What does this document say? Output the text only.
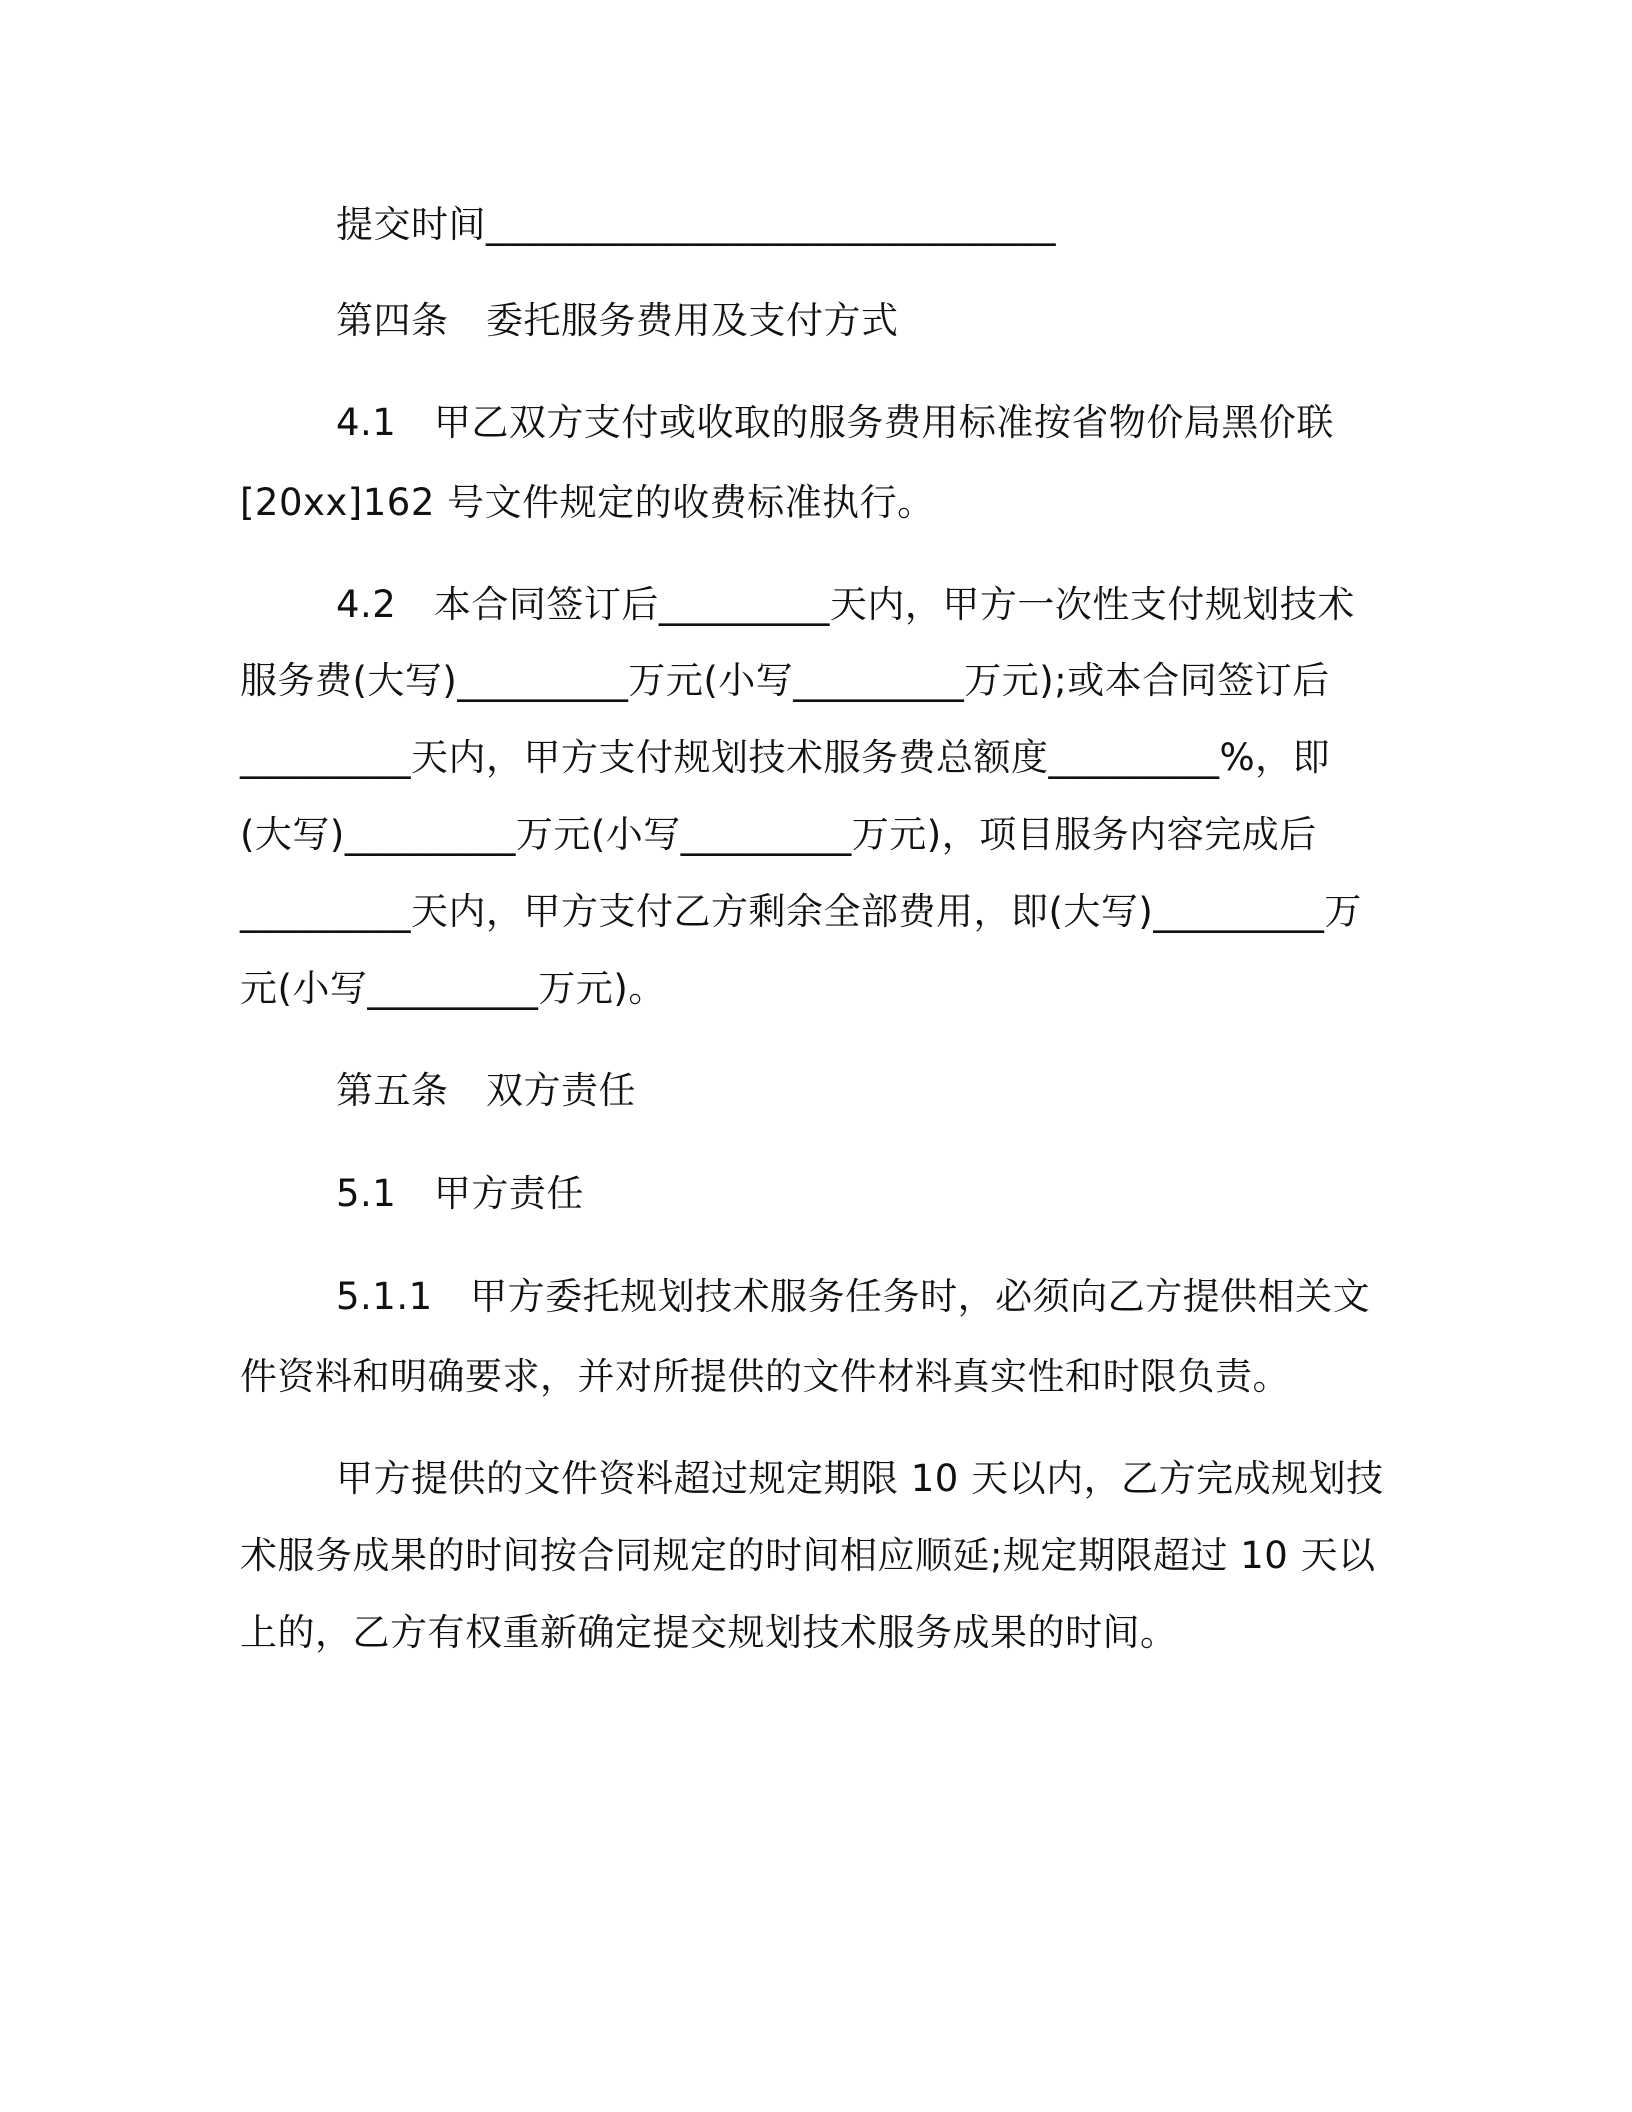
提交时间______________________________

第四条　委托服务费用及支付方式

4.1　甲乙双方支付或收取的服务费用标准按省物价局黑价联

[20xx]162 号文件规定的收费标准执行。

4.2　本合同签订后_________天内，甲方一次性支付规划技术

服务费(大写)_________万元(小写_________万元);或本合同签订后

_________天内，甲方支付规划技术服务费总额度_________%，即

(大写)_________万元(小写_________万元)，项目服务内容完成后

_________天内，甲方支付乙方剩余全部费用，即(大写)_________万

元(小写_________万元)。

第五条　双方责任

5.1　甲方责任

5.1.1　甲方委托规划技术服务任务时，必须向乙方提供相关文

件资料和明确要求，并对所提供的文件材料真实性和时限负责。

甲方提供的文件资料超过规定期限 10 天以内，乙方完成规划技

术服务成果的时间按合同规定的时间相应顺延;规定期限超过 10 天以

上的，乙方有权重新确定提交规划技术服务成果的时间。
